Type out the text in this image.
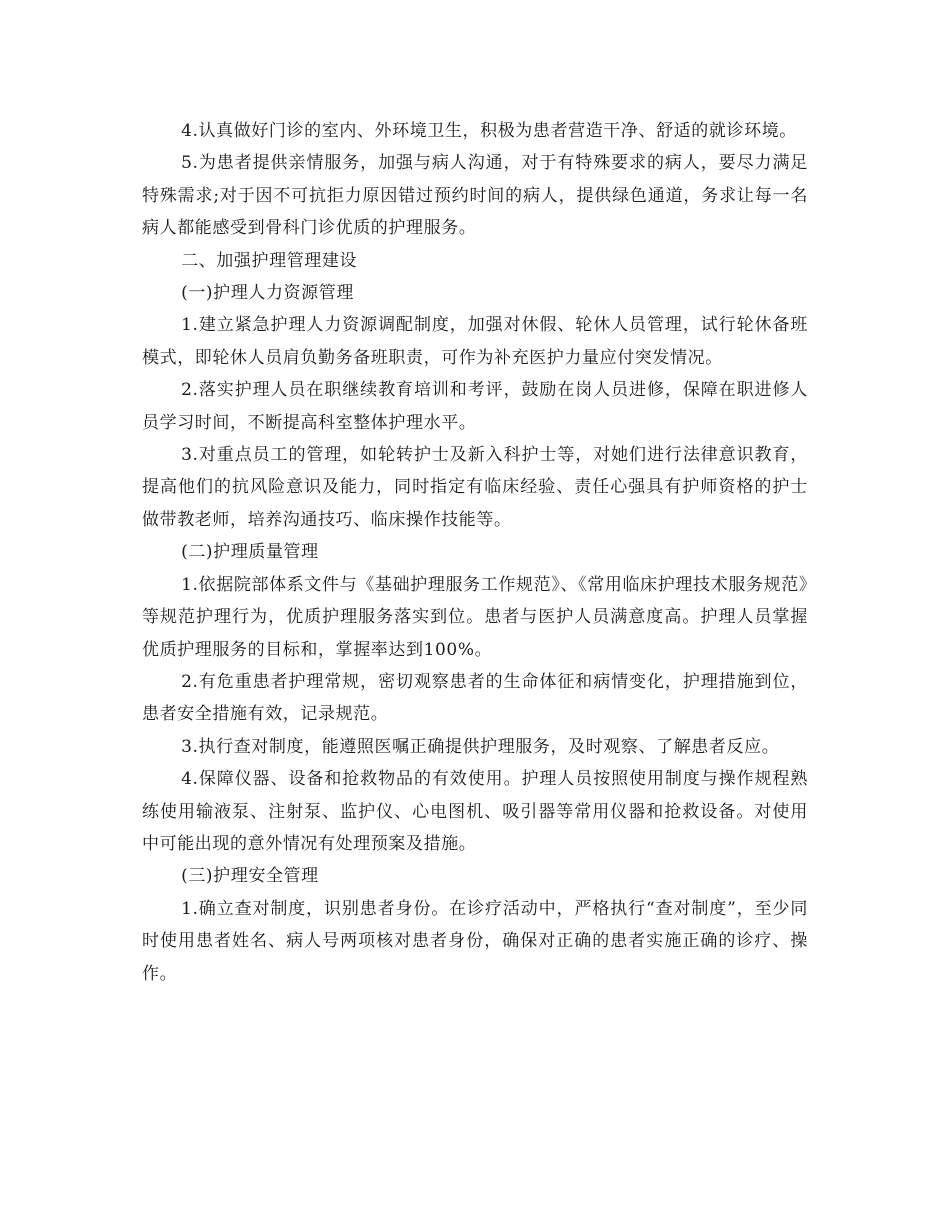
4.认真做好门诊的室内、外环境卫生，积极为患者营造干净、舒适的就诊环境。

5.为患者提供亲情服务，加强与病人沟通，对于有特殊要求的病人，要尽力满足特殊需求;对于因不可抗拒力原因错过预约时间的病人，提供绿色通道，务求让每一名病人都能感受到骨科门诊优质的护理服务。

二、加强护理管理建设

(一)护理人力资源管理

1.建立紧急护理人力资源调配制度，加强对休假、轮休人员管理，试行轮休备班模式，即轮休人员肩负勤务备班职责，可作为补充医护力量应付突发情况。

2.落实护理人员在职继续教育培训和考评，鼓励在岗人员进修，保障在职进修人员学习时间，不断提高科室整体护理水平。

3.对重点员工的管理，如轮转护士及新入科护士等，对她们进行法律意识教育，提高他们的抗风险意识及能力，同时指定有临床经验、责任心强具有护师资格的护士做带教老师，培养沟通技巧、临床操作技能等。

(二)护理质量管理

1.依据院部体系文件与《基础护理服务工作规范》、《常用临床护理技术服务规范》等规范护理行为，优质护理服务落实到位。患者与医护人员满意度高。护理人员掌握优质护理服务的目标和，掌握率达到100%。

2.有危重患者护理常规，密切观察患者的生命体征和病情变化，护理措施到位，患者安全措施有效，记录规范。

3.执行查对制度，能遵照医嘱正确提供护理服务，及时观察、了解患者反应。

4.保障仪器、设备和抢救物品的有效使用。护理人员按照使用制度与操作规程熟练使用输液泵、注射泵、监护仪、心电图机、吸引器等常用仪器和抢救设备。对使用中可能出现的意外情况有处理预案及措施。

(三)护理安全管理

1.确立查对制度，识别患者身份。在诊疗活动中，严格执行“查对制度”，至少同时使用患者姓名、病人号两项核对患者身份，确保对正确的患者实施正确的诊疗、操作。
